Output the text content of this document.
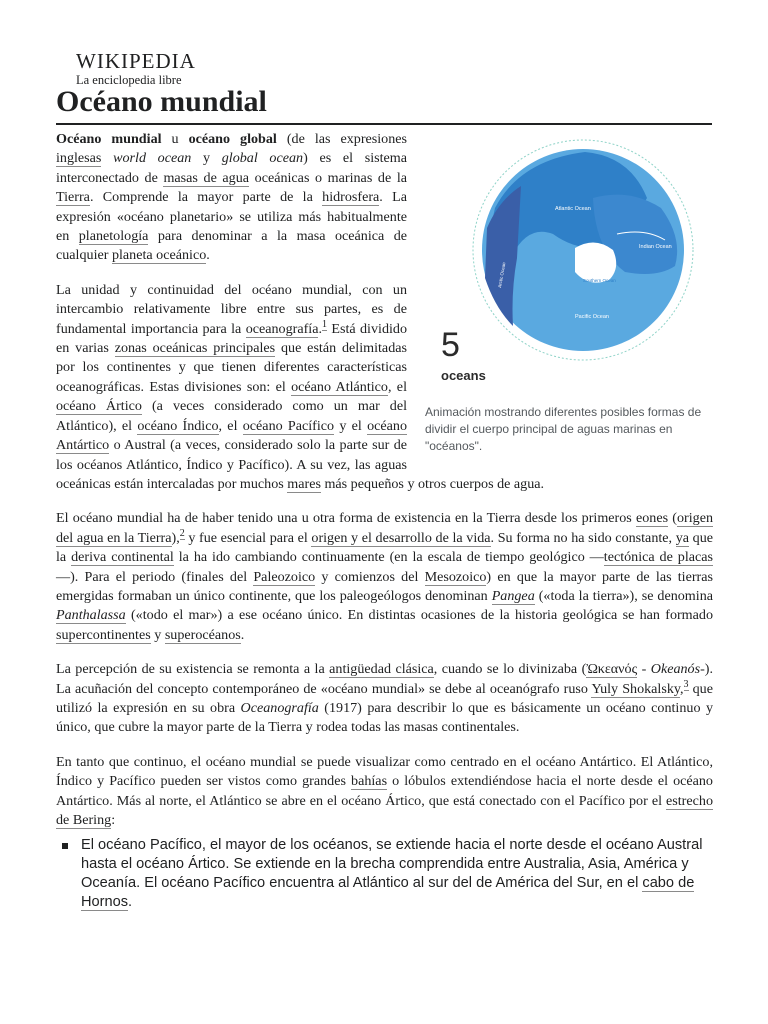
WIKIPEDIA
La enciclopedia libre
Océano mundial
Atlantic Ocean
Indian Ocean
Pacific Ocean
Southern Ocean
Arctic Ocean
5
oceans
Animación mostrando diferentes posibles formas de dividir el cuerpo principal de aguas marinas en "océanos".

Océano mundial u océano global (de las expresiones inglesas world ocean y global ocean) es el sistema interconectado de masas de agua oceánicas o marinas de la Tierra. Comprende la mayor parte de la hidrosfera. La expresión «océano planetario» se utiliza más habitualmente en planetología para denominar a la masa oceánica de cualquier planeta oceánico.

La unidad y continuidad del océano mundial, con un intercambio relativamente libre entre sus partes, es de fundamental importancia para la oceanografía.$^1$ Está dividido en varias zonas oceánicas principales que están delimitadas por los continentes y que tienen diferentes características oceanográficas. Estas divisiones son: el océano Atlántico, el océano Ártico (a veces considerado como un mar del Atlántico), el océano Índico, el océano Pacífico y el océano Antártico o Austral (a veces, considerado solo la parte sur de los océanos Atlántico, Índico y Pacífico). A su vez, las aguas oceánicas están intercaladas por muchos mares más pequeños y otros cuerpos de agua.

El océano mundial ha de haber tenido una u otra forma de existencia en la Tierra desde los primeros eones (origen del agua en la Tierra),$^2$ y fue esencial para el origen y el desarrollo de la vida. Su forma no ha sido constante, ya que la deriva continental la ha ido cambiando continuamente (en la escala de tiempo geológico —tectónica de placas—). Para el periodo (finales del Paleozoico y comienzos del Mesozoico) en que la mayor parte de las tierras emergidas formaban un único continente, que los paleogeólogos denominan Pangea («toda la tierra»), se denomina Panthalassa («todo el mar») a ese océano único. En distintas ocasiones de la historia geológica se han formado supercontinentes y superocéanos.

La percepción de su existencia se remonta a la antigüedad clásica, cuando se lo divinizaba (Ὠκεανός - Okeanós-). La acuñación del concepto contemporáneo de «océano mundial» se debe al oceanógrafo ruso Yuly Shokalsky,$^3$ que utilizó la expresión en su obra Oceanografía (1917) para describir lo que es básicamente un océano continuo y único, que cubre la mayor parte de la Tierra y rodea todas las masas continentales.

En tanto que continuo, el océano mundial se puede visualizar como centrado en el océano Antártico. El Atlántico, Índico y Pacífico pueden ser vistos como grandes bahías o lóbulos extendiéndose hacia el norte desde el océano Antártico. Más al norte, el Atlántico se abre en el océano Ártico, que está conectado con el Pacífico por el estrecho de Bering:

El océano Pacífico, el mayor de los océanos, se extiende hacia el norte desde el océano Austral hasta el océano Ártico. Se extiende en la brecha comprendida entre Australia, Asia, América y Oceanía. El océano Pacífico encuentra al Atlántico al sur del de América del Sur, en el cabo de Hornos.
